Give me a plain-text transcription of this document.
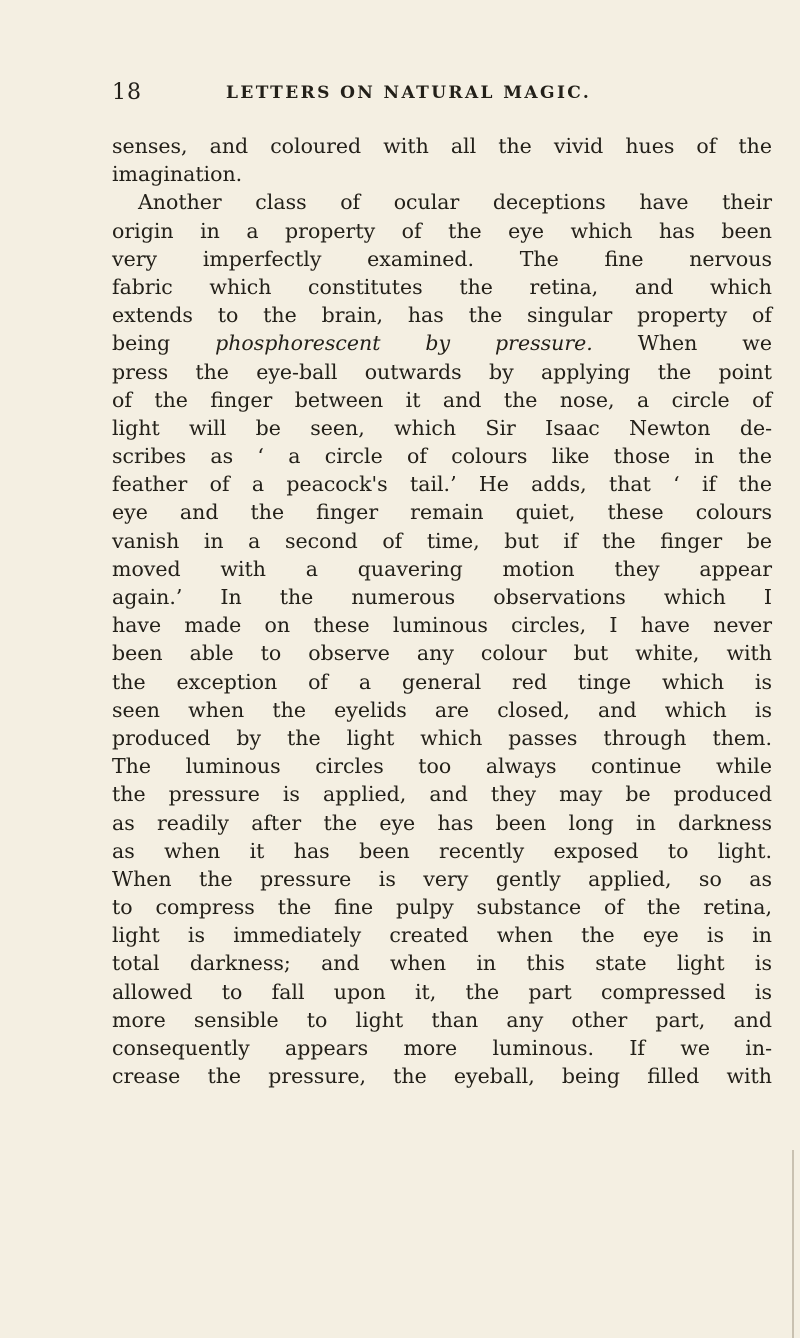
18	LETTERS ON NATURAL MAGIC.
senses, and coloured with all the vivid hues of the
imagination.
Another class of ocular deceptions have their
origin in a property of the eye which has been
very imperfectly examined. The fine nervous
fabric which constitutes the retina, and which
extends to the brain, has the singular property of
being phosphorescent by pressure. When we
press the eye-ball outwards by applying the point
of the finger between it and the nose, a circle of
light will be seen, which Sir Isaac Newton de-
scribes as ‘ a circle of colours like those in the
feather of a peacock's tail.’ He adds, that ‘ if the
eye and the finger remain quiet, these colours
vanish in a second of time, but if the finger be
moved with a quavering motion they appear
again.’ In the numerous observations which I
have made on these luminous circles, I have never
been able to observe any colour but white, with
the exception of a general red tinge which is
seen when the eyelids are closed, and which is
produced by the light which passes through them.
The luminous circles too always continue while
the pressure is applied, and they may be produced
as readily after the eye has been long in darkness
as when it has been recently exposed to light.
When the pressure is very gently applied, so as
to compress the fine pulpy substance of the retina,
light is immediately created when the eye is in
total darkness; and when in this state light is
allowed to fall upon it, the part compressed is
more sensible to light than any other part, and
consequently appears more luminous. If we in-
crease the pressure, the eyeball, being filled with
